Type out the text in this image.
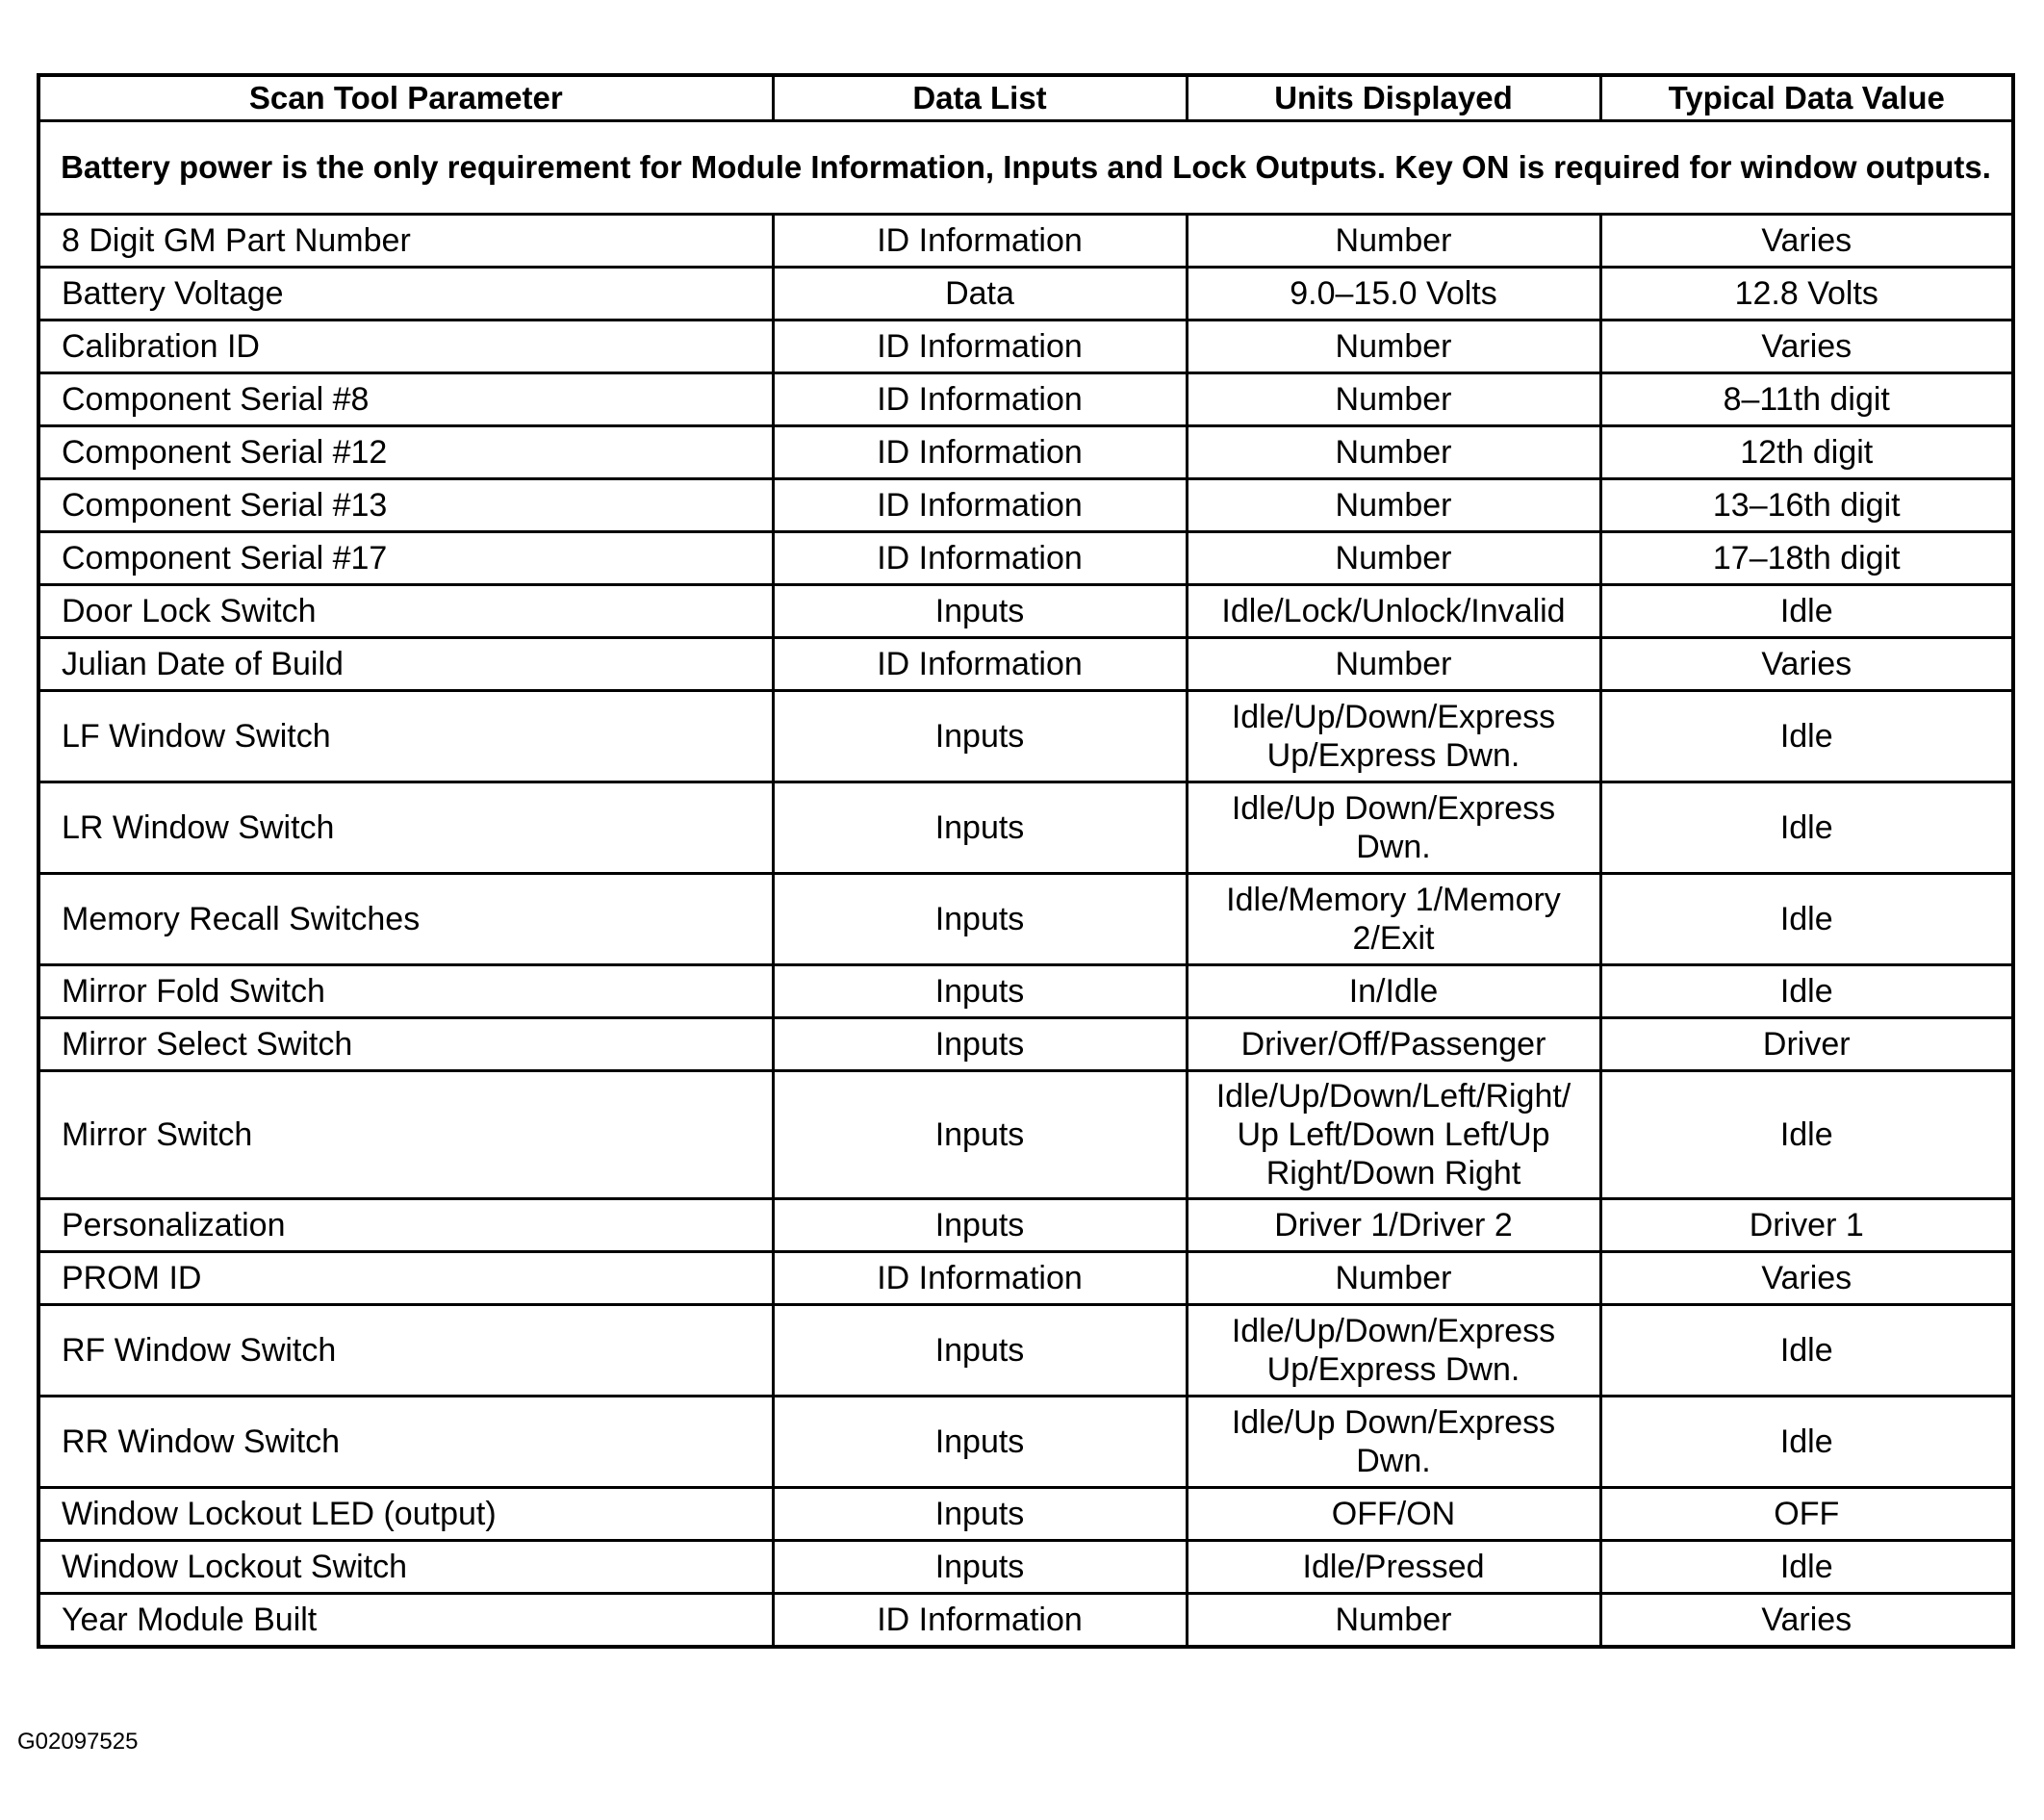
Scan Tool Parameter	Data List	Units Displayed	Typical Data Value
Battery power is the only requirement for Module Information, Inputs and Lock Outputs. Key ON is required for window outputs.			
8 Digit GM Part Number	ID Information	Number	Varies
Battery Voltage	Data	9.0–15.0 Volts	12.8 Volts
Calibration ID	ID Information	Number	Varies
Component Serial #8	ID Information	Number	8–11th digit
Component Serial #12	ID Information	Number	12th digit
Component Serial #13	ID Information	Number	13–16th digit
Component Serial #17	ID Information	Number	17–18th digit
Door Lock Switch	Inputs	Idle/Lock/Unlock/Invalid	Idle
Julian Date of Build	ID Information	Number	Varies
LF Window Switch	Inputs	Idle/Up/Down/Express Up/Express Dwn.	Idle
LR Window Switch	Inputs	Idle/Up Down/Express Dwn.	Idle
Memory Recall Switches	Inputs	Idle/Memory 1/Memory 2/Exit	Idle
Mirror Fold Switch	Inputs	In/Idle	Idle
Mirror Select Switch	Inputs	Driver/Off/Passenger	Driver
Mirror Switch	Inputs	Idle/Up/Down/Left/Right/ Up Left/Down Left/Up Right/Down Right	Idle
Personalization	Inputs	Driver 1/Driver 2	Driver 1
PROM ID	ID Information	Number	Varies
RF Window Switch	Inputs	Idle/Up/Down/Express Up/Express Dwn.	Idle
RR Window Switch	Inputs	Idle/Up Down/Express Dwn.	Idle
Window Lockout LED (output)	Inputs	OFF/ON	OFF
Window Lockout Switch	Inputs	Idle/Pressed	Idle
Year Module Built	ID Information	Number	Varies
G02097525
